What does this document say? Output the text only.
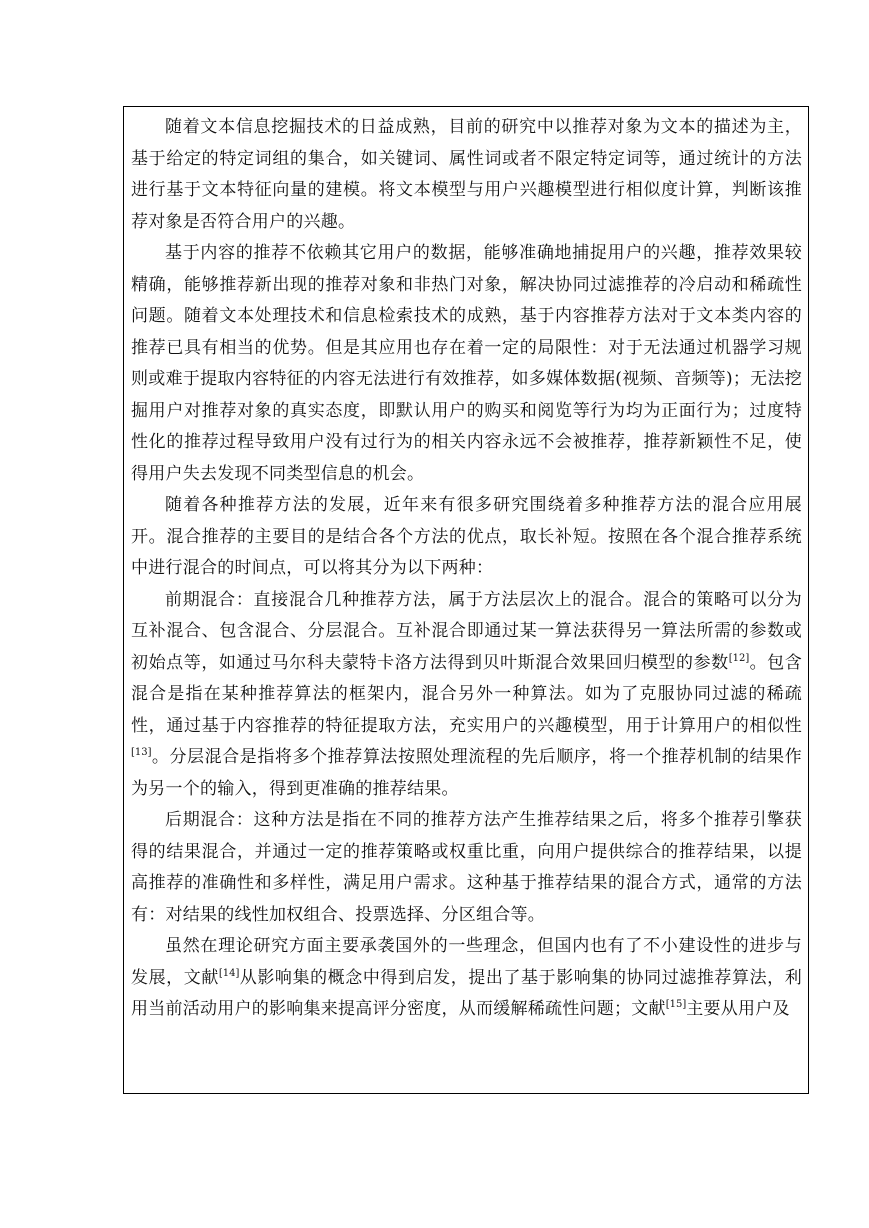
随着文本信息挖掘技术的日益成熟，目前的研究中以推荐对象为文本的描述为主，基于给定的特定词组的集合，如关键词、属性词或者不限定特定词等，通过统计的方法进行基于文本特征向量的建模。将文本模型与用户兴趣模型进行相似度计算，判断该推荐对象是否符合用户的兴趣。

基于内容的推荐不依赖其它用户的数据，能够准确地捕捉用户的兴趣，推荐效果较精确，能够推荐新出现的推荐对象和非热门对象，解决协同过滤推荐的冷启动和稀疏性问题。随着文本处理技术和信息检索技术的成熟，基于内容推荐方法对于文本类内容的推荐已具有相当的优势。但是其应用也存在着一定的局限性：对于无法通过机器学习规则或难于提取内容特征的内容无法进行有效推荐，如多媒体数据(视频、音频等)；无法挖掘用户对推荐对象的真实态度，即默认用户的购买和阅览等行为均为正面行为；过度特性化的推荐过程导致用户没有过行为的相关内容永远不会被推荐，推荐新颖性不足，使得用户失去发现不同类型信息的机会。

随着各种推荐方法的发展，近年来有很多研究围绕着多种推荐方法的混合应用展开。混合推荐的主要目的是结合各个方法的优点，取长补短。按照在各个混合推荐系统中进行混合的时间点，可以将其分为以下两种：

前期混合：直接混合几种推荐方法，属于方法层次上的混合。混合的策略可以分为互补混合、包含混合、分层混合。互补混合即通过某一算法获得另一算法所需的参数或初始点等，如通过马尔科夫蒙特卡洛方法得到贝叶斯混合效果回归模型的参数[12]。包含混合是指在某种推荐算法的框架内，混合另外一种算法。如为了克服协同过滤的稀疏性，通过基于内容推荐的特征提取方法，充实用户的兴趣模型，用于计算用户的相似性[13]。分层混合是指将多个推荐算法按照处理流程的先后顺序，将一个推荐机制的结果作为另一个的输入，得到更准确的推荐结果。

后期混合：这种方法是指在不同的推荐方法产生推荐结果之后，将多个推荐引擎获得的结果混合，并通过一定的推荐策略或权重比重，向用户提供综合的推荐结果，以提高推荐的准确性和多样性，满足用户需求。这种基于推荐结果的混合方式，通常的方法有：对结果的线性加权组合、投票选择、分区组合等。

虽然在理论研究方面主要承袭国外的一些理念，但国内也有了不小建设性的进步与发展，文献[14]从影响集的概念中得到启发，提出了基于影响集的协同过滤推荐算法，利用当前活动用户的影响集来提高评分密度，从而缓解稀疏性问题；文献[15]主要从用户及
